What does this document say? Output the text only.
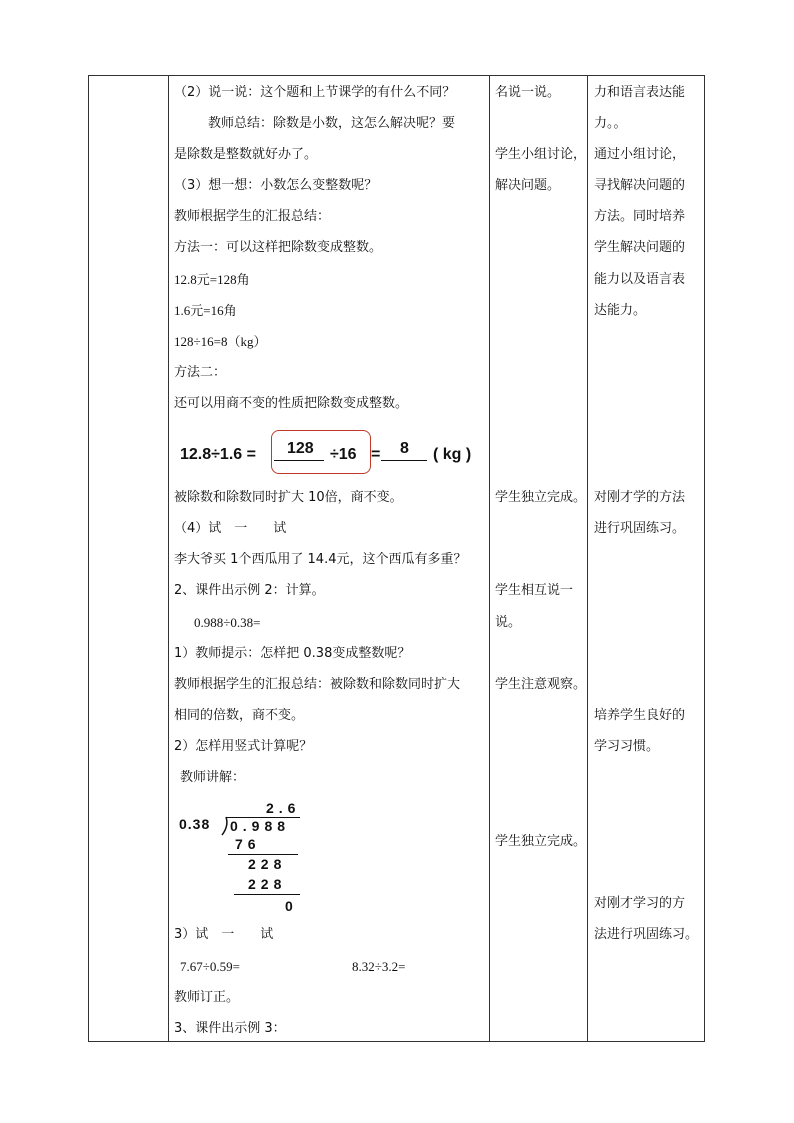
（2）说一说：这个题和上节课学的有什么不同？
教师总结：除数是小数，这怎么解决呢？要
是除数是整数就好办了。
（3）想一想：小数怎么变整数呢？
教师根据学生的汇报总结：
方法一：可以这样把除数变成整数。
12.8元=128角
1.6元=16角
128÷16=8（kg）
方法二：
还可以用商不变的性质把除数变成整数。
12.8÷1.6 = 128 ÷16 = 8 ( kg )
被除数和除数同时扩大 10倍，商不变。
（4）试　一　　试
李大爷买 1个西瓜用了 14.4元，这个西瓜有多重？
2、课件出示例 2：计算。
0.988÷0.38=
1）教师提示：怎样把 0.38变成整数呢？
教师根据学生的汇报总结：被除数和除数同时扩大
相同的倍数，商不变。
2）怎样用竖式计算呢？
教师讲解：
2.6
0.38 0.988
76
228
228
0
3）试　一　　试
7.67÷0.59=	8.32÷3.2=
教师订正。
3、课件出示例 3：
名说一说。
学生小组讨论，
解决问题。
学生独立完成。
学生相互说一
说。
学生注意观察。
学生独立完成。
力和语言表达能
力。。
通过小组讨论，
寻找解决问题的
方法。同时培养
学生解决问题的
能力以及语言表
达能力。
对刚才学的方法
进行巩固练习。
培养学生良好的
学习习惯。
对刚才学习的方
法进行巩固练习。
